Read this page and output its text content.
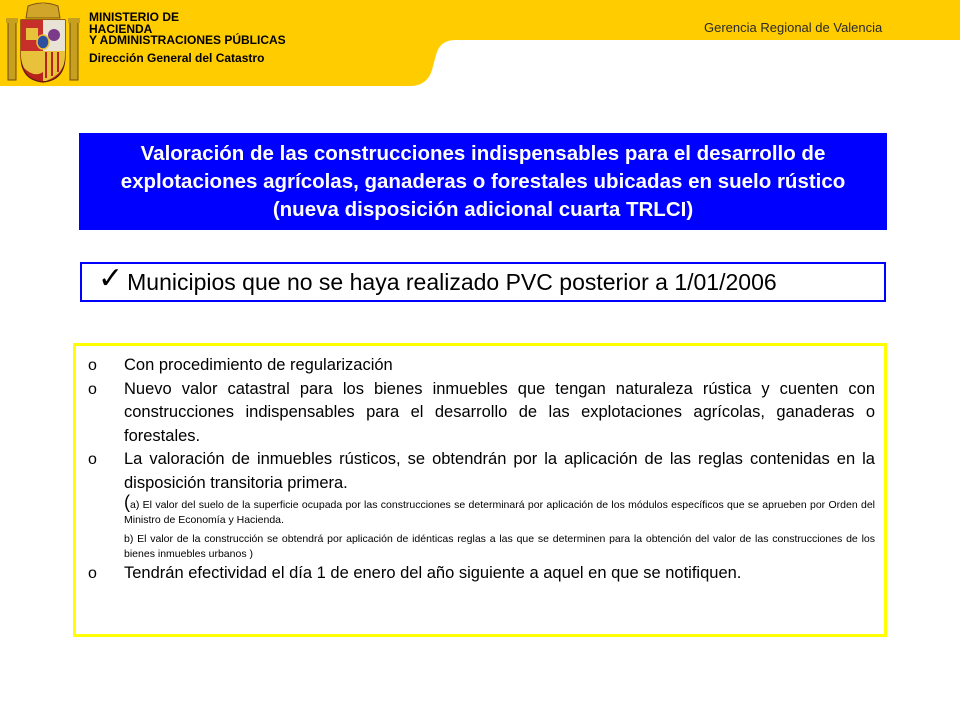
MINISTERIO DE
HACIENDA
Y ADMINISTRACIONES PÚBLICAS
Dirección General del Catastro
Gerencia Regional de Valencia
Valoración de las construcciones indispensables para el desarrollo de explotaciones agrícolas, ganaderas o forestales ubicadas en suelo rústico (nueva disposición adicional cuarta TRLCI)
✓ Municipios que no se haya realizado PVC posterior a 1/01/2006
o	Con procedimiento de regularización
o	Nuevo valor catastral para los bienes inmuebles que tengan naturaleza rústica y cuenten con construcciones indispensables para el desarrollo de las explotaciones agrícolas, ganaderas o forestales.
o	La valoración de inmuebles rústicos, se obtendrán por la aplicación de las reglas contenidas en la disposición transitoria primera.
(a) El valor del suelo de la superficie ocupada por las construcciones se determinará por aplicación de los módulos específicos que se aprueben por Orden del Ministro de Economía y Hacienda.
b) El valor de la construcción se obtendrá por aplicación de idénticas reglas a las que se determinen para la obtención del valor de las construcciones de los bienes inmuebles urbanos )
o	Tendrán efectividad el día 1 de enero del año siguiente a aquel en que se notifiquen.
